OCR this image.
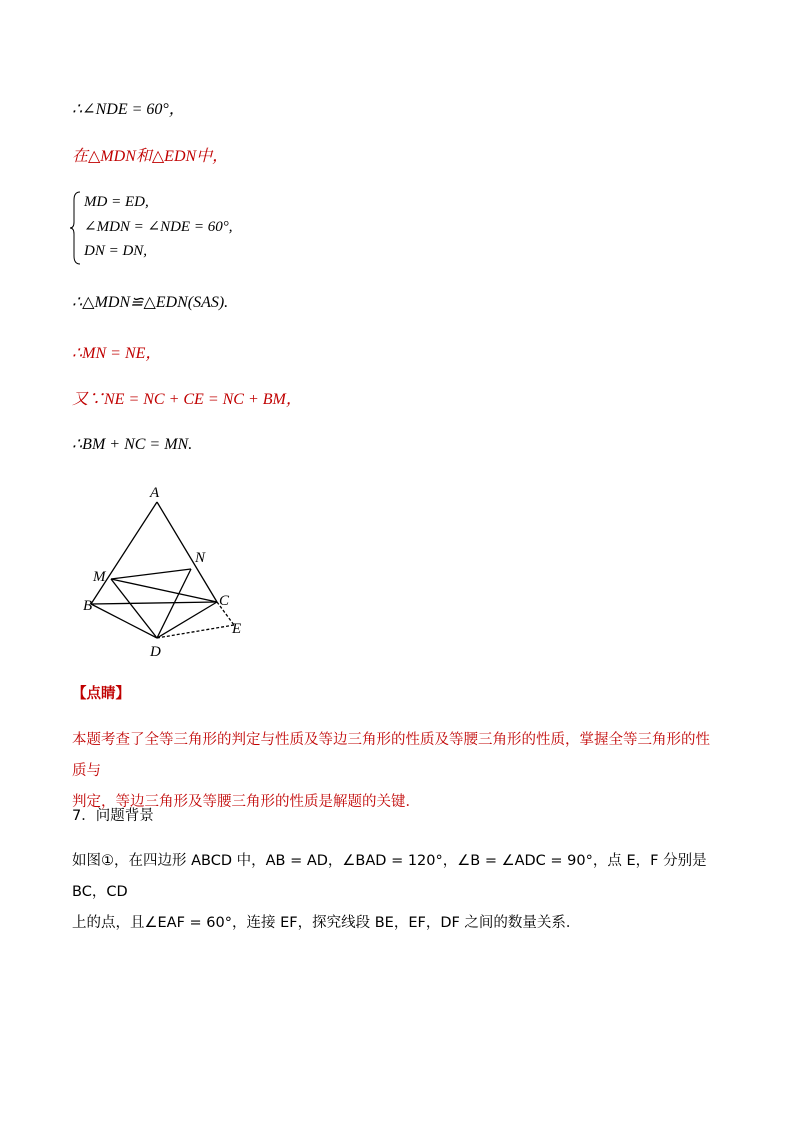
∴∠NDE = 60°，
在△MDN和△EDN中，
MD = ED,
∠MDN = ∠NDE = 60°,
DN = DN,
∴△MDN≌△EDN(SAS).
∴MN = NE，
又∵NE = NC + CE = NC + BM，
∴BM + NC = MN.
A
N
M
B	C
E
D
【点睛】
本题考查了全等三角形的判定与性质及等边三角形的性质及等腰三角形的性质，掌握全等三角形的性质与
判定，等边三角形及等腰三角形的性质是解题的关键．
7．问题背景
如图①，在四边形 ABCD 中，AB = AD，∠BAD = 120°，∠B = ∠ADC = 90°，点 E，F 分别是 BC，CD
上的点，且∠EAF = 60°，连接 EF，探究线段 BE，EF，DF 之间的数量关系．
